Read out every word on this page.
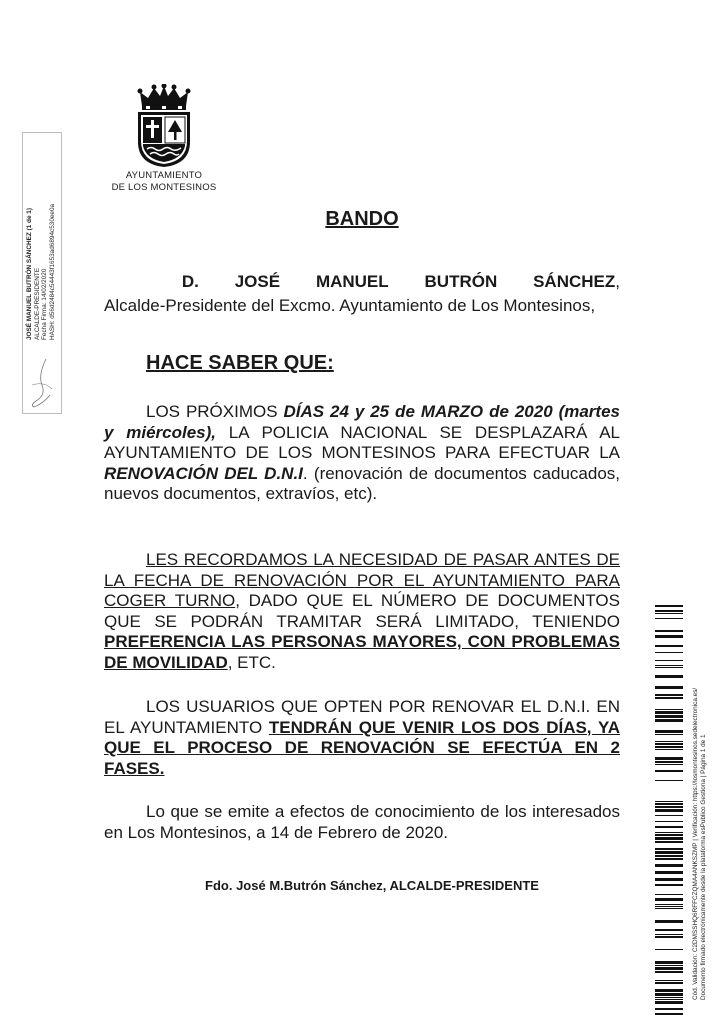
AYUNTAMIENTO
DE LOS MONTESINOS
BANDO
D. JOSÉ MANUEL BUTRÓN SÁNCHEZ,
Alcalde-Presidente del Excmo. Ayuntamiento de Los Montesinos,
HACE SABER QUE:
LOS PRÓXIMOS DÍAS 24 y 25 de MARZO de 2020 (martes y miércoles), LA POLICIA NACIONAL SE DESPLAZARÁ AL AYUNTAMIENTO DE LOS MONTESINOS PARA EFECTUAR LA RENOVACIÓN DEL D.N.I. (renovación de documentos caducados, nuevos documentos, extravíos, etc).
LES RECORDAMOS LA NECESIDAD DE PASAR ANTES DE LA FECHA DE RENOVACIÓN POR EL AYUNTAMIENTO PARA COGER TURNO, DADO QUE EL NÚMERO DE DOCUMENTOS QUE SE PODRÁN TRAMITAR SERÁ LIMITADO, TENIENDO PREFERENCIA LAS PERSONAS MAYORES, CON PROBLEMAS DE MOVILIDAD, ETC.
LOS USUARIOS QUE OPTEN POR RENOVAR EL D.N.I. EN EL AYUNTAMIENTO TENDRÁN QUE VENIR LOS DOS DÍAS, YA QUE EL PROCESO DE RENOVACIÓN SE EFECTÚA EN 2 FASES.
Lo que se emite a efectos de conocimiento de los interesados en Los Montesinos, a 14 de Febrero de 2020.
Fdo. José M.Butrón Sánchez, ALCALDE-PRESIDENTE
JOSÉ MANUEL BUTRÓN SÁNCHEZ (1 de 1) ALCALDE-PRESIDENTE Fecha Firma: 14/02/2020 HASH: d56d2484c54443f1653ad6894c530ee0a
Cód. Validación: C2DMSSHQ6RFFCZQMA4ANKSZMP | Verificación: https://losmontesinos.sedelectronica.es/ Documento firmado electrónicamente desde la plataforma esPublico Gestiona | Página 1 de 1
